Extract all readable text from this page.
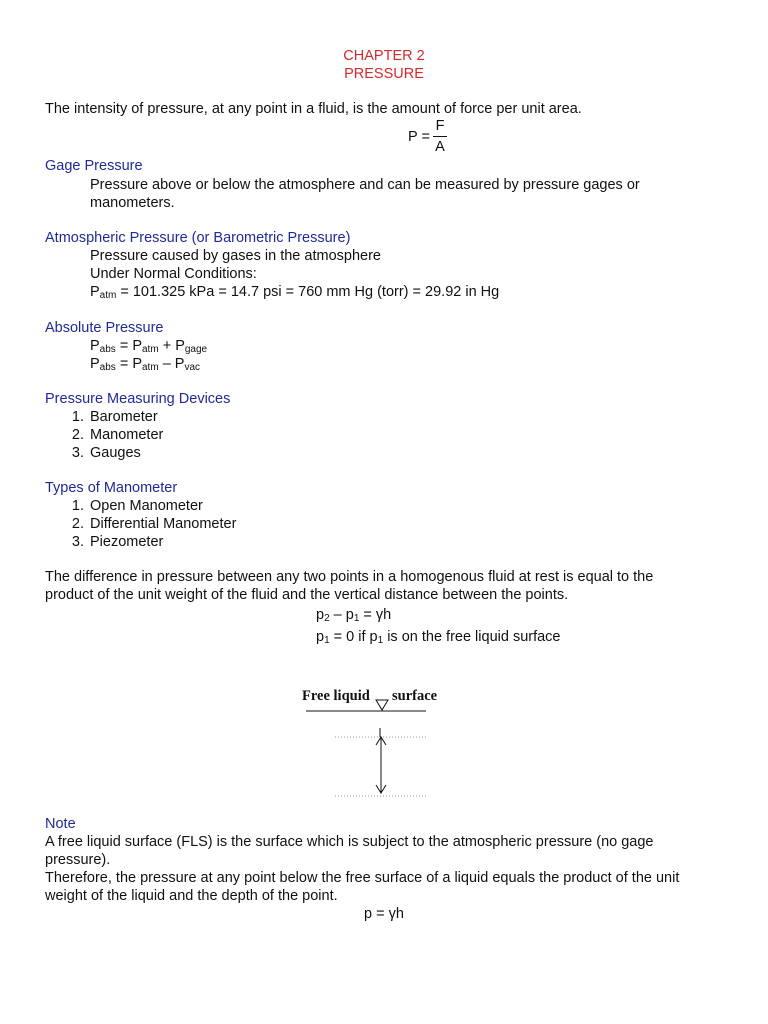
CHAPTER 2
PRESSURE
The intensity of pressure, at any point in a fluid, is the amount of force per unit area.
P =
F
A
Gage Pressure
Pressure above or below the atmosphere and can be measured by pressure gages or
manometers.
Atmospheric Pressure (or Barometric Pressure)
Pressure caused by gases in the atmosphere
Under Normal Conditions:
$P_{atm} = 101.325$ kPa = 14.7 psi = 760 mm Hg (torr) = 29.92 in Hg
Absolute Pressure
$P_{abs} = P_{atm} + P_{gage}$
$P_{abs} = P_{atm} - P_{vac}$
Pressure Measuring Devices
1. Barometer
2. Manometer
3. Gauges
Types of Manometer
1. Open Manometer
2. Differential Manometer
3. Piezometer
The difference in pressure between any two points in a homogenous fluid at rest is equal to the
product of the unit weight of the fluid and the vertical distance between the points.
$p_2 - p_1 = \gamma h$
$p_1 = 0$ if $p_1$ is on the free liquid surface
Free liquid surface
Note
A free liquid surface (FLS) is the surface which is subject to the atmospheric pressure (no gage
pressure).
Therefore, the pressure at any point below the free surface of a liquid equals the product of the unit
weight of the liquid and the depth of the point.
p = γh
